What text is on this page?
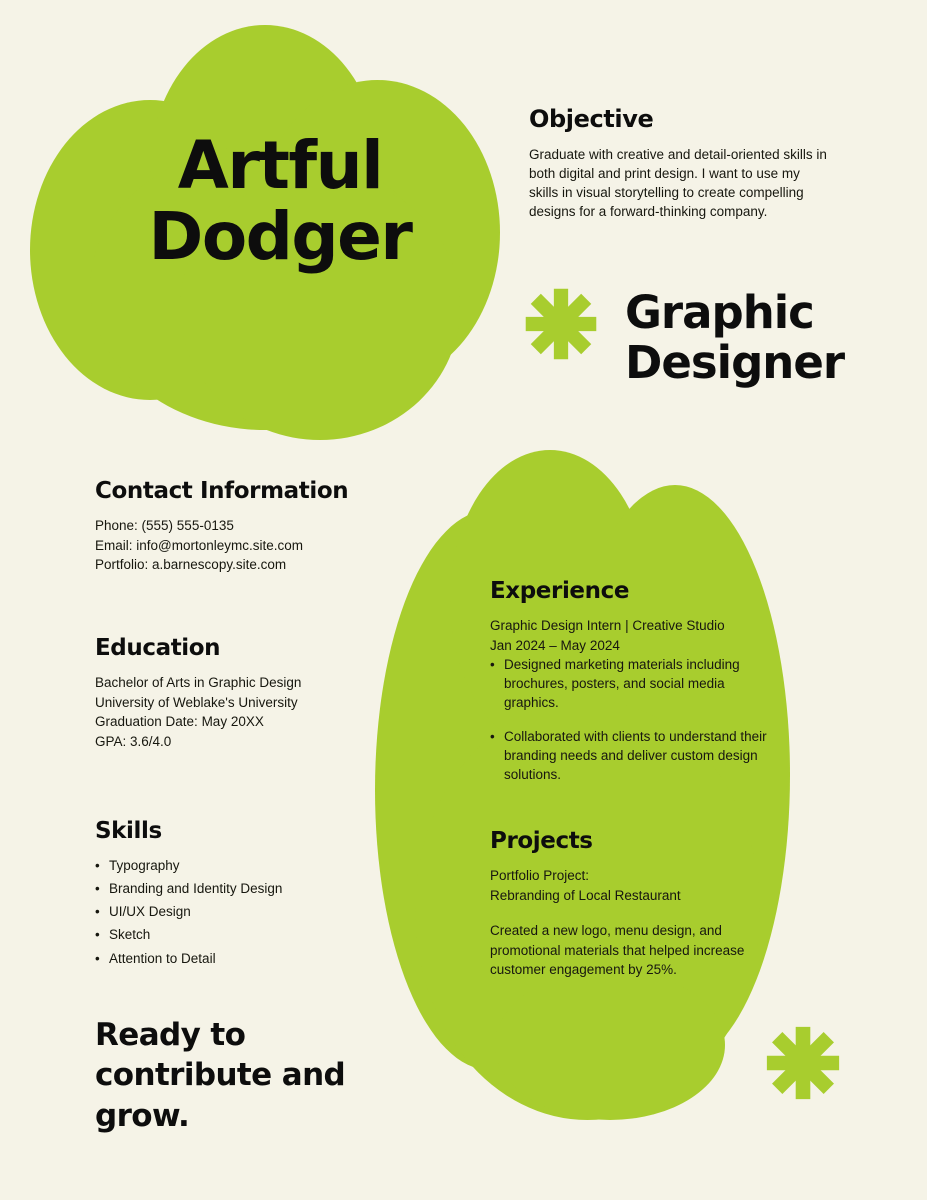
Artful
Dodger
Objective
Graduate with creative and detail-oriented skills in both digital and print design. I want to use my skills in visual storytelling to create compelling designs for a forward-thinking company.
Graphic
Designer
Contact Information
Phone: (555) 555-0135
Email: info@mortonleymc.site.com
Portfolio: a.barnescopy.site.com
Education
Bachelor of Arts in Graphic Design
University of Weblake's University
Graduation Date: May 20XX
GPA: 3.6/4.0
Skills
• Typography
• Branding and Identity Design
• UI/UX Design
• Sketch
• Attention to Detail
Experience
Graphic Design Intern | Creative Studio
Jan 2024 – May 2024
• Designed marketing materials including brochures, posters, and social media graphics.
• Collaborated with clients to understand their branding needs and deliver custom design solutions.
Projects
Portfolio Project:
Rebranding of Local Restaurant
Created a new logo, menu design, and promotional materials that helped increase customer engagement by 25%.
Ready to
contribute and grow.
